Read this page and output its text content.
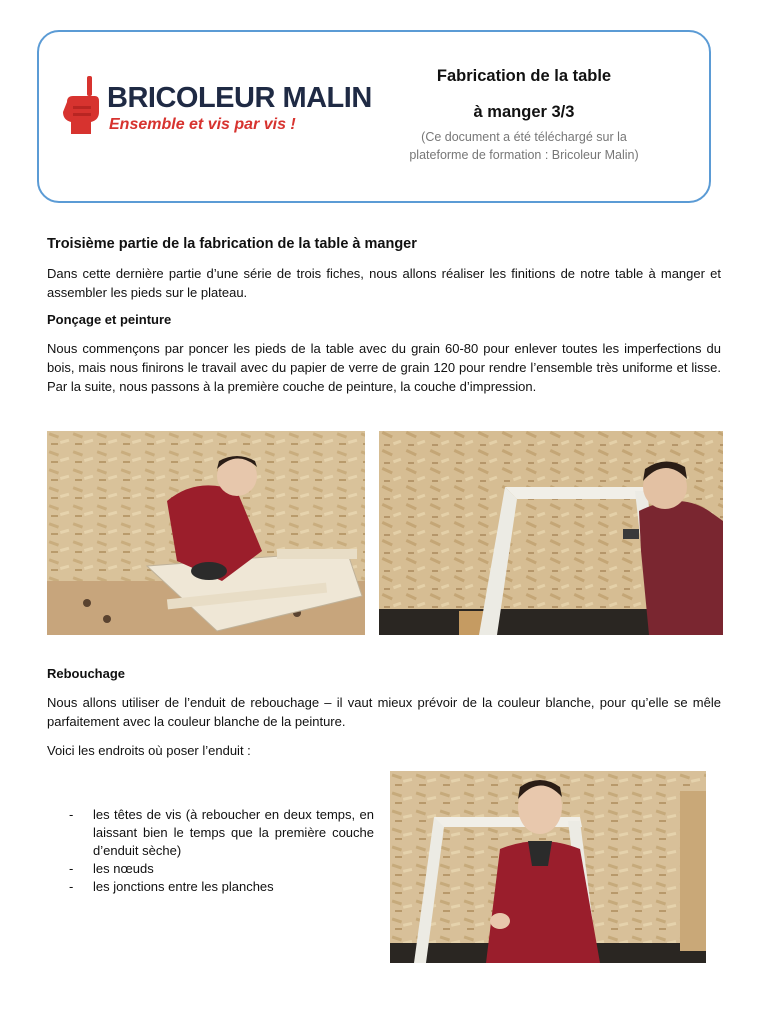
BRICOLEUR MALIN
Ensemble et vis par vis !
Fabrication de la table
à manger 3/3
(Ce document a été téléchargé sur la
plateforme de formation : Bricoleur Malin)
Troisième partie de la fabrication de la table à manger
Dans cette dernière partie d’une série de trois fiches, nous allons réaliser les finitions de notre table à manger et assembler les pieds sur le plateau.
Ponçage et peinture
Nous commençons par poncer les pieds de la table avec du grain 60-80 pour enlever toutes les imperfections du bois, mais nous finirons le travail avec du papier de verre de grain 120 pour rendre l’ensemble très uniforme et lisse. Par la suite, nous passons à la première couche de peinture, la couche d’impression.
Rebouchage
Nous allons utiliser de l’enduit de rebouchage – il vaut mieux prévoir de la couleur blanche, pour qu’elle se mêle parfaitement avec la couleur blanche de la peinture.
Voici les endroits où poser l’enduit :
- les têtes de vis (à reboucher en deux temps, en laissant bien le temps que la première couche d’enduit sèche)
- les nœuds
- les jonctions entre les planches
